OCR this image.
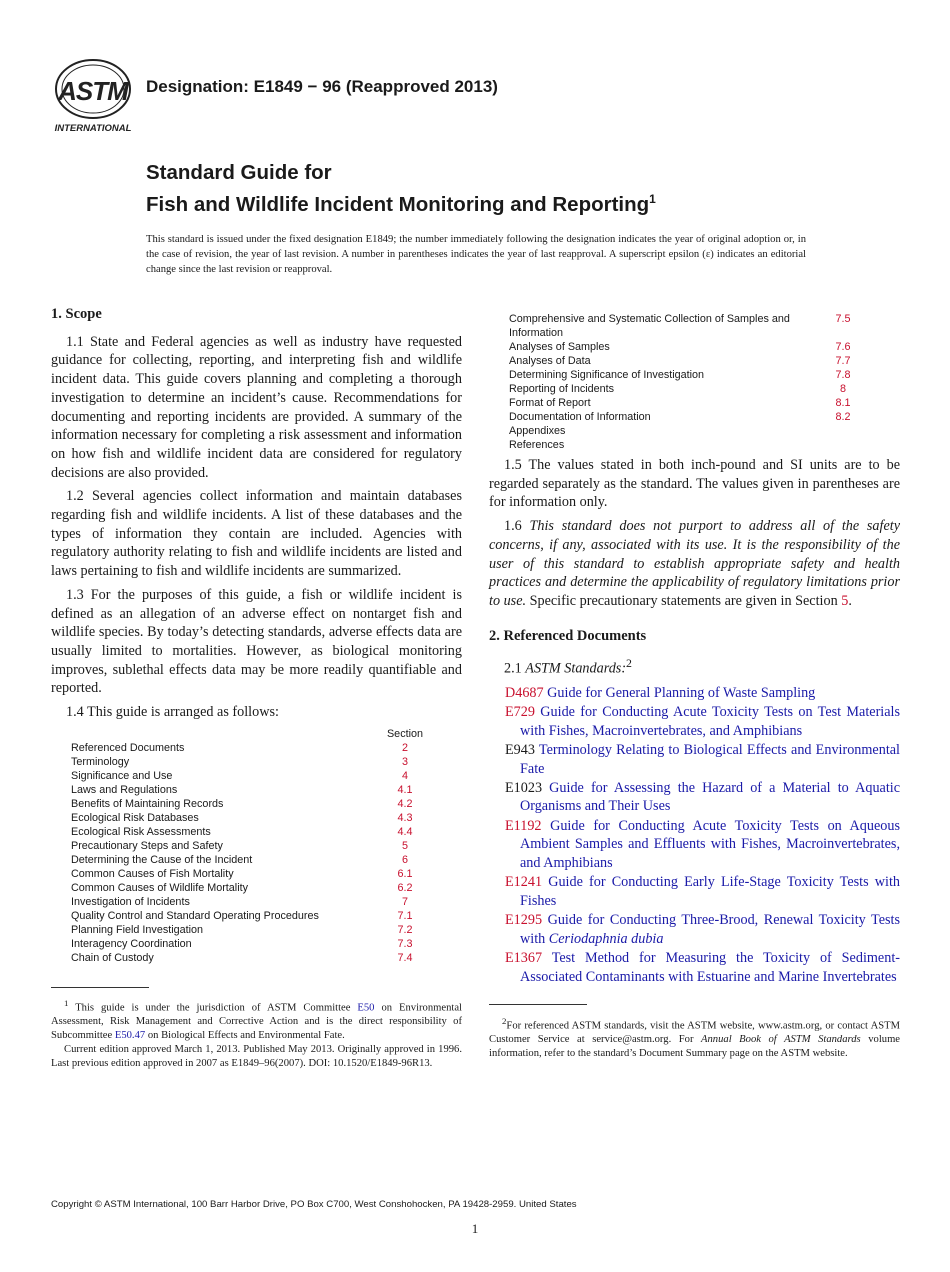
ASTM
INTERNATIONAL
Designation: E1849 − 96 (Reapproved 2013)
Standard Guide for
Fish and Wildlife Incident Monitoring and Reporting$^1$
This standard is issued under the fixed designation E1849; the number immediately following the designation indicates the year of original adoption or, in the case of revision, the year of last revision. A number in parentheses indicates the year of last reapproval. A superscript epsilon (ε) indicates an editorial change since the last revision or reapproval.
1. Scope

1.1 State and Federal agencies as well as industry have requested guidance for collecting, reporting, and interpreting fish and wildlife incident data. This guide covers planning and completing a thorough investigation to determine an incident’s cause. Recommendations for documenting and reporting incidents are provided. A summary of the information necessary for completing a risk assessment and information on how fish and wildlife incident data are considered for regulatory decisions are also provided.

1.2 Several agencies collect information and maintain databases regarding fish and wildlife incidents. A list of these databases and the types of information they contain are included. Agencies with regulatory authority relating to fish and wildlife incidents are listed and laws pertaining to fish and wildlife incidents are summarized.

1.3 For the purposes of this guide, a fish or wildlife incident is defined as an allegation of an adverse effect on nontarget fish and wildlife species. By today’s detecting standards, adverse effects data are usually limited to mortalities. However, as biological monitoring improves, sublethal effects data may be more readily quantifiable and reported.

1.4 This guide is arranged as follows:

	Section
Referenced Documents	2
Terminology	3
Significance and Use	4
Laws and Regulations	4.1
Benefits of Maintaining Records	4.2
Ecological Risk Databases	4.3
Ecological Risk Assessments	4.4
Precautionary Steps and Safety	5
Determining the Cause of the Incident	6
Common Causes of Fish Mortality	6.1
Common Causes of Wildlife Mortality	6.2
Investigation of Incidents	7
Quality Control and Standard Operating Procedures	7.1
Planning Field Investigation	7.2
Interagency Coordination	7.3
Chain of Custody	7.4

$^1$ This guide is under the jurisdiction of ASTM Committee E50 on Environmental Assessment, Risk Management and Corrective Action and is the direct responsibility of Subcommittee E50.47 on Biological Effects and Environmental Fate.

Current edition approved March 1, 2013. Published May 2013. Originally approved in 1996. Last previous edition approved in 2007 as E1849–96(2007). DOI: 10.1520/E1849-96R13.

Comprehensive and Systematic Collection of Samples and Information	7.5
Analyses of Samples	7.6
Analyses of Data	7.7
Determining Significance of Investigation	7.8
Reporting of Incidents	8
Format of Report	8.1
Documentation of Information	8.2
Appendixes	
References	

1.5 The values stated in both inch-pound and SI units are to be regarded separately as the standard. The values given in parentheses are for information only.

1.6 This standard does not purport to address all of the safety concerns, if any, associated with its use. It is the responsibility of the user of this standard to establish appropriate safety and health practices and determine the applicability of regulatory limitations prior to use. Specific precautionary statements are given in Section 5.

2. Referenced Documents

2.1 ASTM Standards:$^2$

D4687 Guide for General Planning of Waste Sampling

E729 Guide for Conducting Acute Toxicity Tests on Test Materials with Fishes, Macroinvertebrates, and Amphibians

E943 Terminology Relating to Biological Effects and Environmental Fate

E1023 Guide for Assessing the Hazard of a Material to Aquatic Organisms and Their Uses

E1192 Guide for Conducting Acute Toxicity Tests on Aqueous Ambient Samples and Effluents with Fishes, Macroinvertebrates, and Amphibians

E1241 Guide for Conducting Early Life-Stage Toxicity Tests with Fishes

E1295 Guide for Conducting Three-Brood, Renewal Toxicity Tests with Ceriodaphnia dubia

E1367 Test Method for Measuring the Toxicity of Sediment-Associated Contaminants with Estuarine and Marine Invertebrates

$^2$For referenced ASTM standards, visit the ASTM website, www.astm.org, or contact ASTM Customer Service at service@astm.org. For Annual Book of ASTM Standards volume information, refer to the standard’s Document Summary page on the ASTM website.

Copyright © ASTM International, 100 Barr Harbor Drive, PO Box C700, West Conshohocken, PA 19428-2959. United States
1
